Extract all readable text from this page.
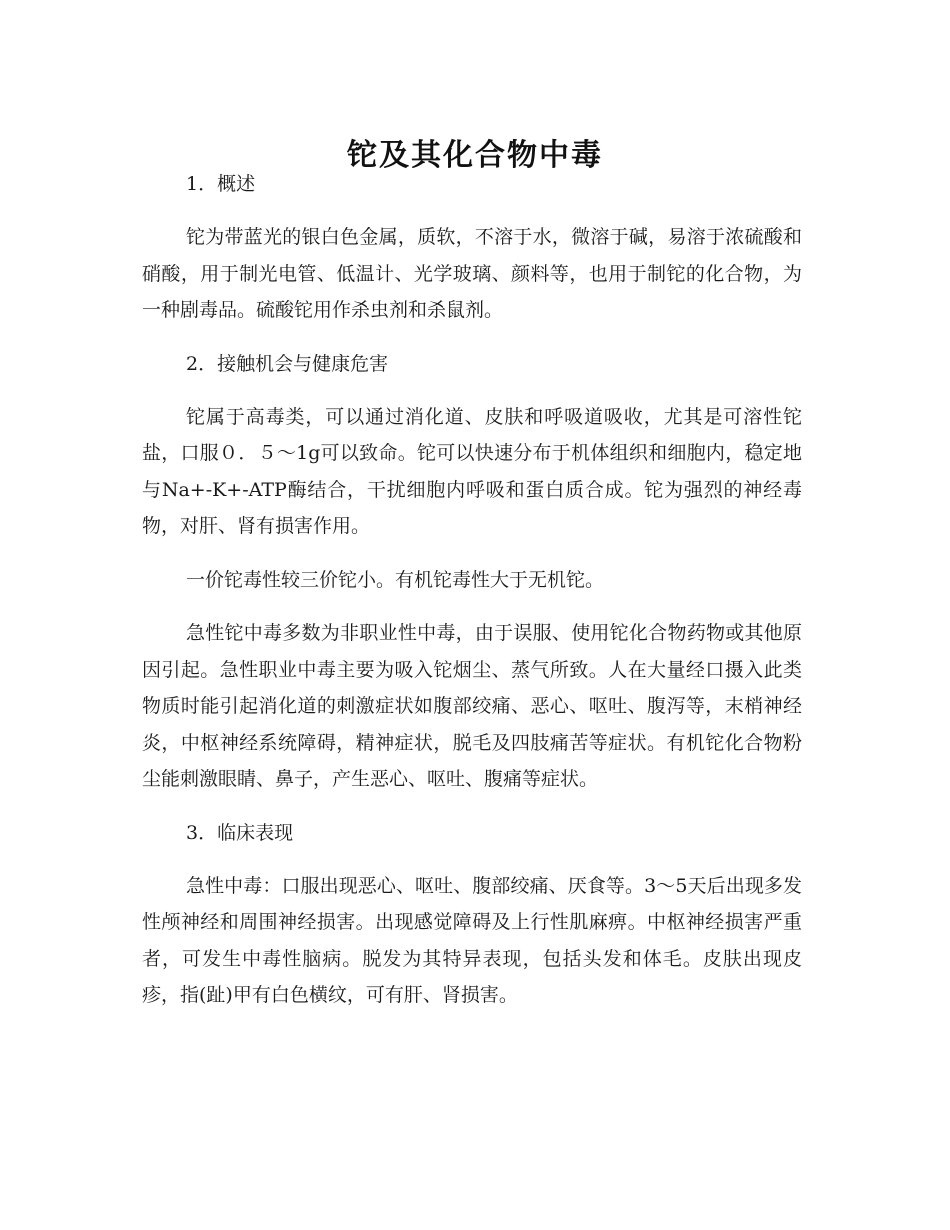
铊及其化合物中毒

1．概述

铊为带蓝光的银白色金属，质软，不溶于水，微溶于碱，易溶于浓硫酸和硝酸，用于制光电管、低温计、光学玻璃、颜料等，也用于制铊的化合物，为一种剧毒品。硫酸铊用作杀虫剂和杀鼠剂。

2．接触机会与健康危害

铊属于高毒类，可以通过消化道、皮肤和呼吸道吸收，尤其是可溶性铊盐，口服０．５～1g可以致命。铊可以快速分布于机体组织和细胞内，稳定地与Na+-K+-ATP酶结合，干扰细胞内呼吸和蛋白质合成。铊为强烈的神经毒物，对肝、肾有损害作用。

一价铊毒性较三价铊小。有机铊毒性大于无机铊。

急性铊中毒多数为非职业性中毒，由于误服、使用铊化合物药物或其他原因引起。急性职业中毒主要为吸入铊烟尘、蒸气所致。人在大量经口摄入此类物质时能引起消化道的刺激症状如腹部绞痛、恶心、呕吐、腹泻等，末梢神经炎，中枢神经系统障碍，精神症状，脱毛及四肢痛苦等症状。有机铊化合物粉尘能刺激眼睛、鼻子，产生恶心、呕吐、腹痛等症状。

3．临床表现

急性中毒：口服出现恶心、呕吐、腹部绞痛、厌食等。3～5天后出现多发性颅神经和周围神经损害。出现感觉障碍及上行性肌麻痹。中枢神经损害严重者，可发生中毒性脑病。脱发为其特异表现，包括头发和体毛。皮肤出现皮疹，指(趾)甲有白色横纹，可有肝、肾损害。
